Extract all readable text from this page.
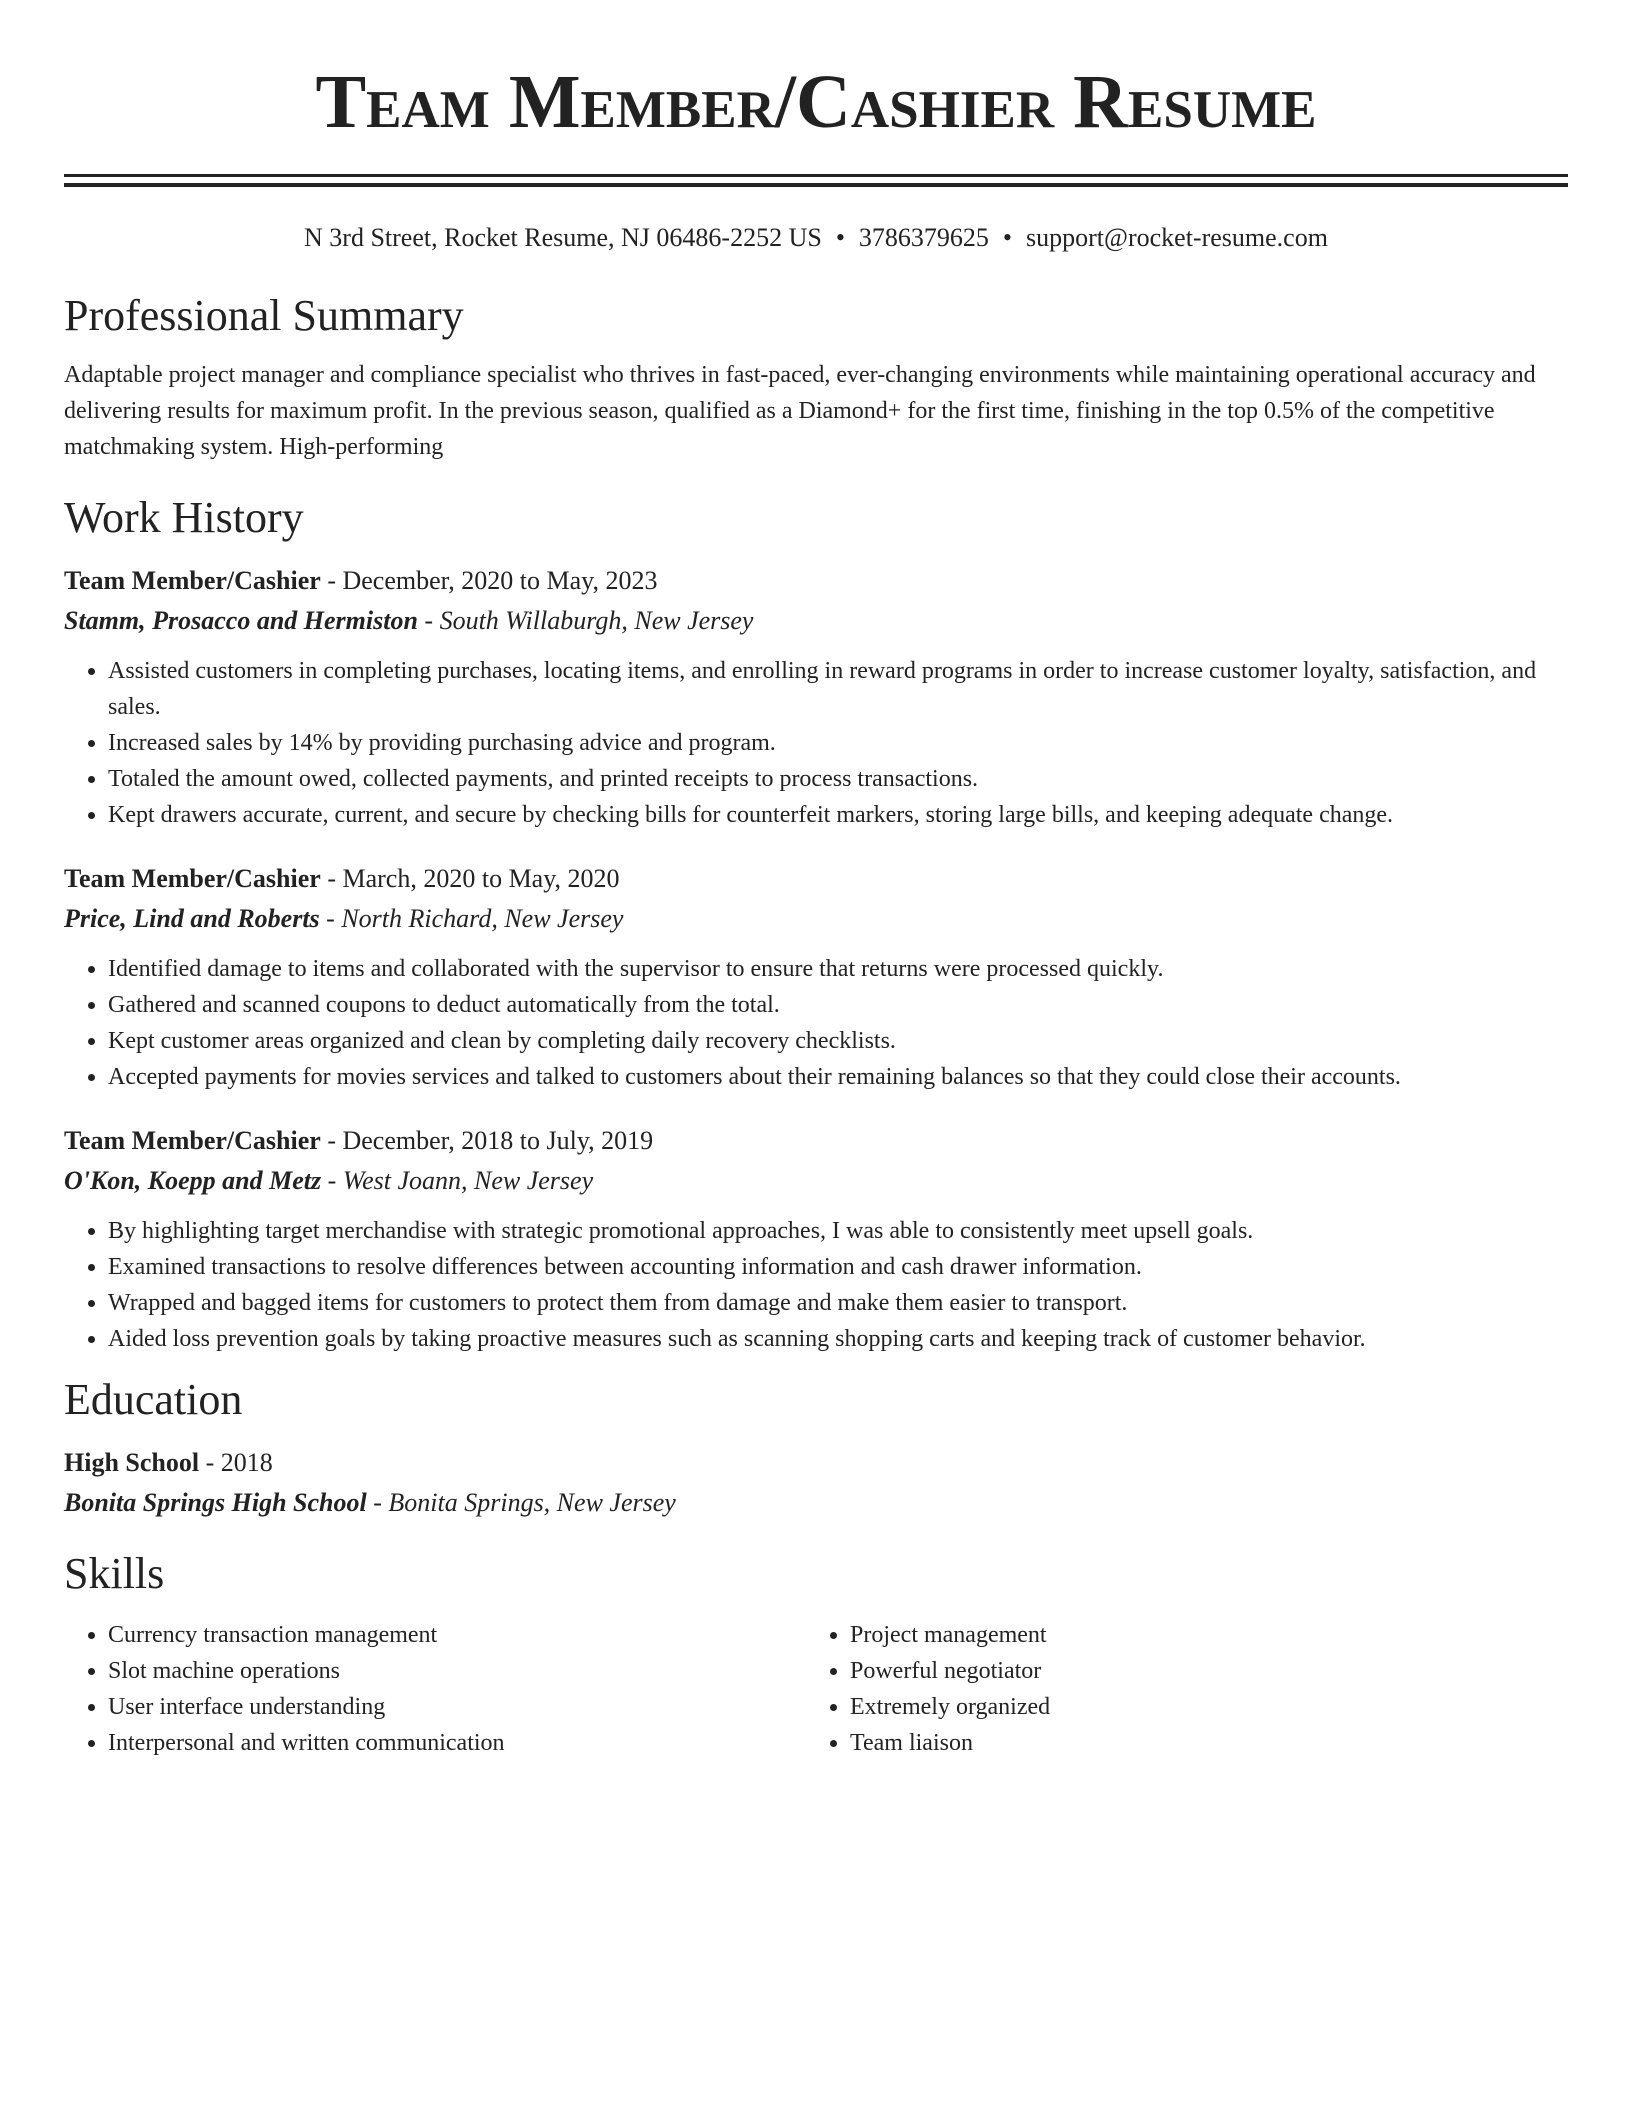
Team Member/Cashier Resume
N 3rd Street, Rocket Resume, NJ 06486-2252 US • 3786379625 • support@rocket-resume.com
Professional Summary
Adaptable project manager and compliance specialist who thrives in fast-paced, ever-changing environments while maintaining operational accuracy and delivering results for maximum profit. In the previous season, qualified as a Diamond+ for the first time, finishing in the top 0.5% of the competitive matchmaking system. High-performing
Work History
Team Member/Cashier - December, 2020 to May, 2023
Stamm, Prosacco and Hermiston - South Willaburgh, New Jersey
• Assisted customers in completing purchases, locating items, and enrolling in reward programs in order to increase customer loyalty, satisfaction, and sales.
• Increased sales by 14% by providing purchasing advice and program.
• Totaled the amount owed, collected payments, and printed receipts to process transactions.
• Kept drawers accurate, current, and secure by checking bills for counterfeit markers, storing large bills, and keeping adequate change.
Team Member/Cashier - March, 2020 to May, 2020
Price, Lind and Roberts - North Richard, New Jersey
• Identified damage to items and collaborated with the supervisor to ensure that returns were processed quickly.
• Gathered and scanned coupons to deduct automatically from the total.
• Kept customer areas organized and clean by completing daily recovery checklists.
• Accepted payments for movies services and talked to customers about their remaining balances so that they could close their accounts.
Team Member/Cashier - December, 2018 to July, 2019
O'Kon, Koepp and Metz - West Joann, New Jersey
• By highlighting target merchandise with strategic promotional approaches, I was able to consistently meet upsell goals.
• Examined transactions to resolve differences between accounting information and cash drawer information.
• Wrapped and bagged items for customers to protect them from damage and make them easier to transport.
• Aided loss prevention goals by taking proactive measures such as scanning shopping carts and keeping track of customer behavior.
Education
High School - 2018
Bonita Springs High School - Bonita Springs, New Jersey
Skills
• Currency transaction management
• Slot machine operations
• User interface understanding
• Interpersonal and written communication
• Project management
• Powerful negotiator
• Extremely organized
• Team liaison
